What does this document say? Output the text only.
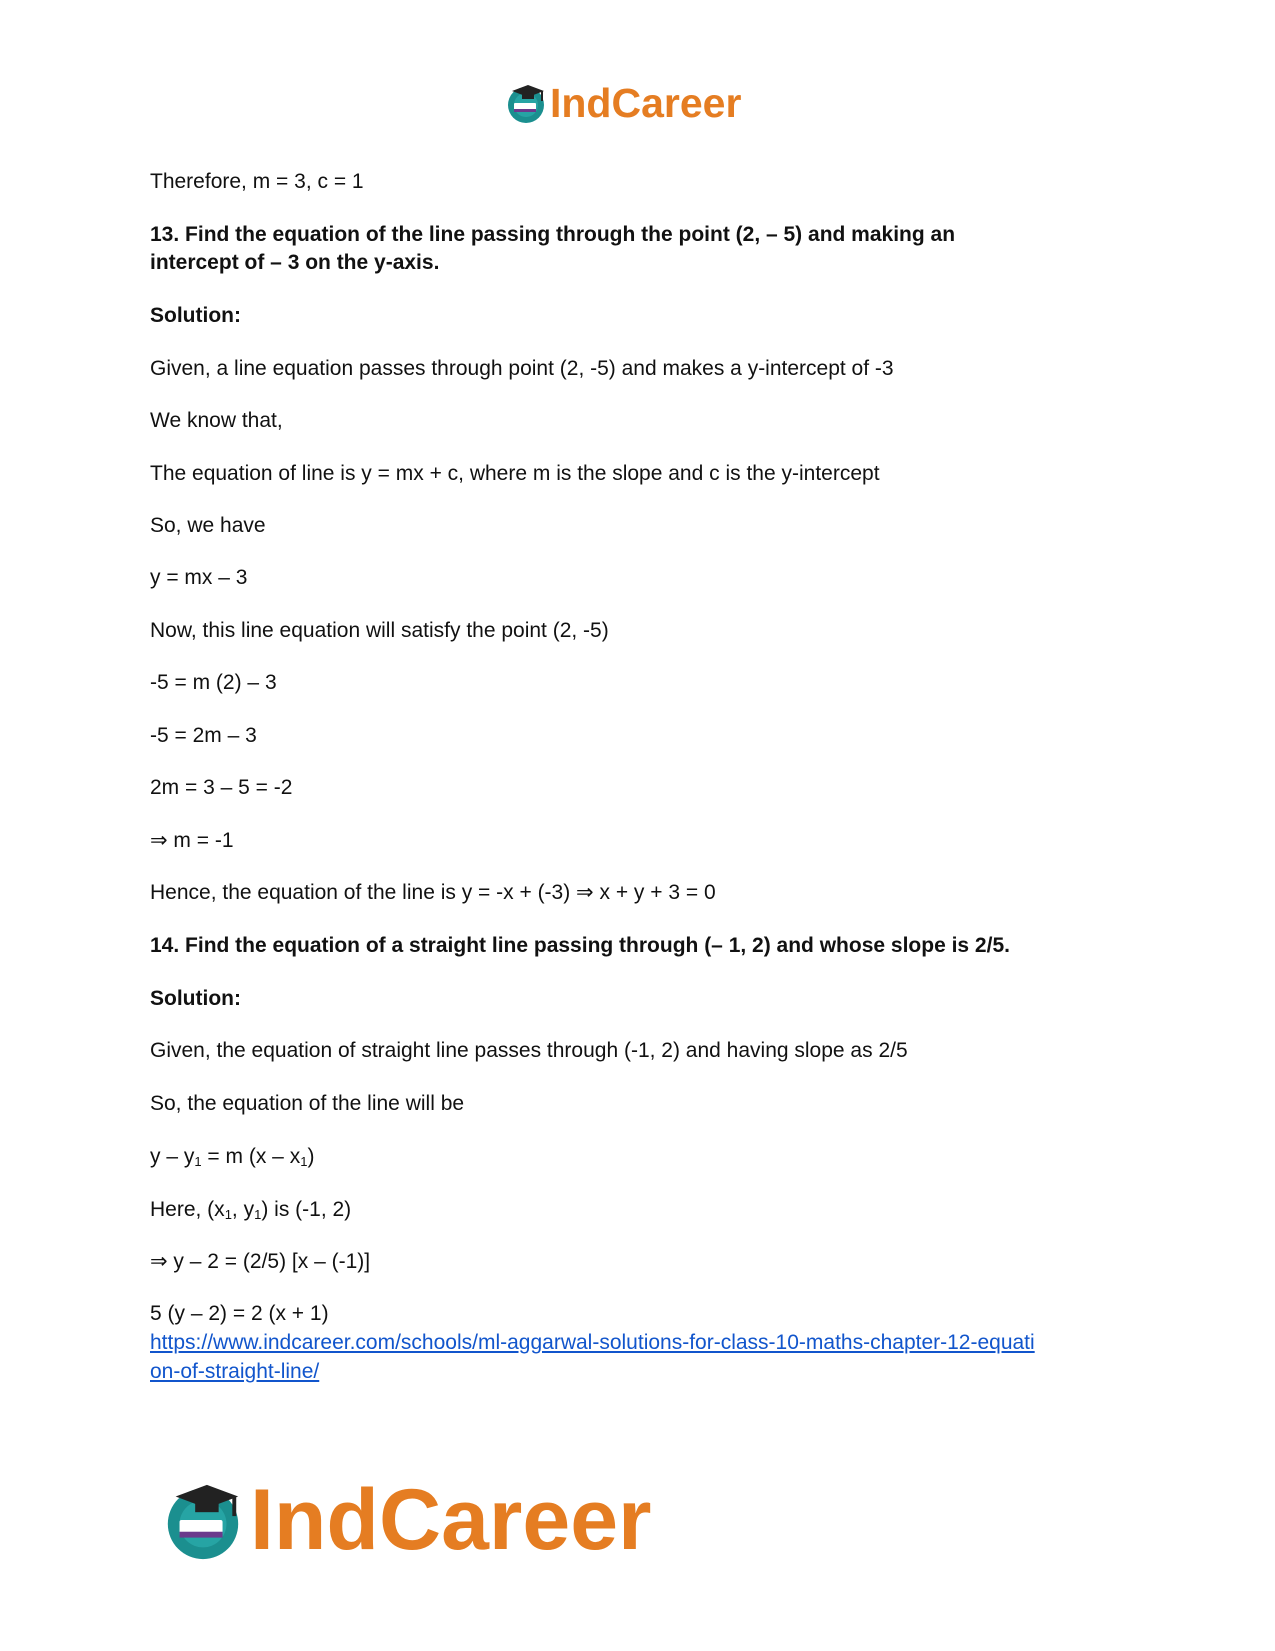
IndCareer
Therefore, m = 3, c = 1
13. Find the equation of the line passing through the point (2, – 5) and making an
intercept of – 3 on the y-axis.
Solution:
Given, a line equation passes through point (2, -5) and makes a y-intercept of -3
We know that,
The equation of line is y = mx + c, where m is the slope and c is the y-intercept
So, we have
y = mx – 3
Now, this line equation will satisfy the point (2, -5)
-5 = m (2) – 3
-5 = 2m – 3
2m = 3 – 5 = -2
⇒ m = -1
Hence, the equation of the line is y = -x + (-3) ⇒ x + y + 3 = 0
14. Find the equation of a straight line passing through (– 1, 2) and whose slope is 2/5.
Solution:
Given, the equation of straight line passes through (-1, 2) and having slope as 2/5
So, the equation of the line will be
$y - y_1 = m$ $(x - x_1)$
Here, ($x_1$, $y_1$) is (-1, 2)
⇒ y – 2 = (2/5) [x – (-1)]
5 (y – 2) = 2 (x + 1)
https://www.indcareer.com/schools/ml-aggarwal-solutions-for-class-10-maths-chapter-12-equati
on-of-straight-line/
IndCareer
